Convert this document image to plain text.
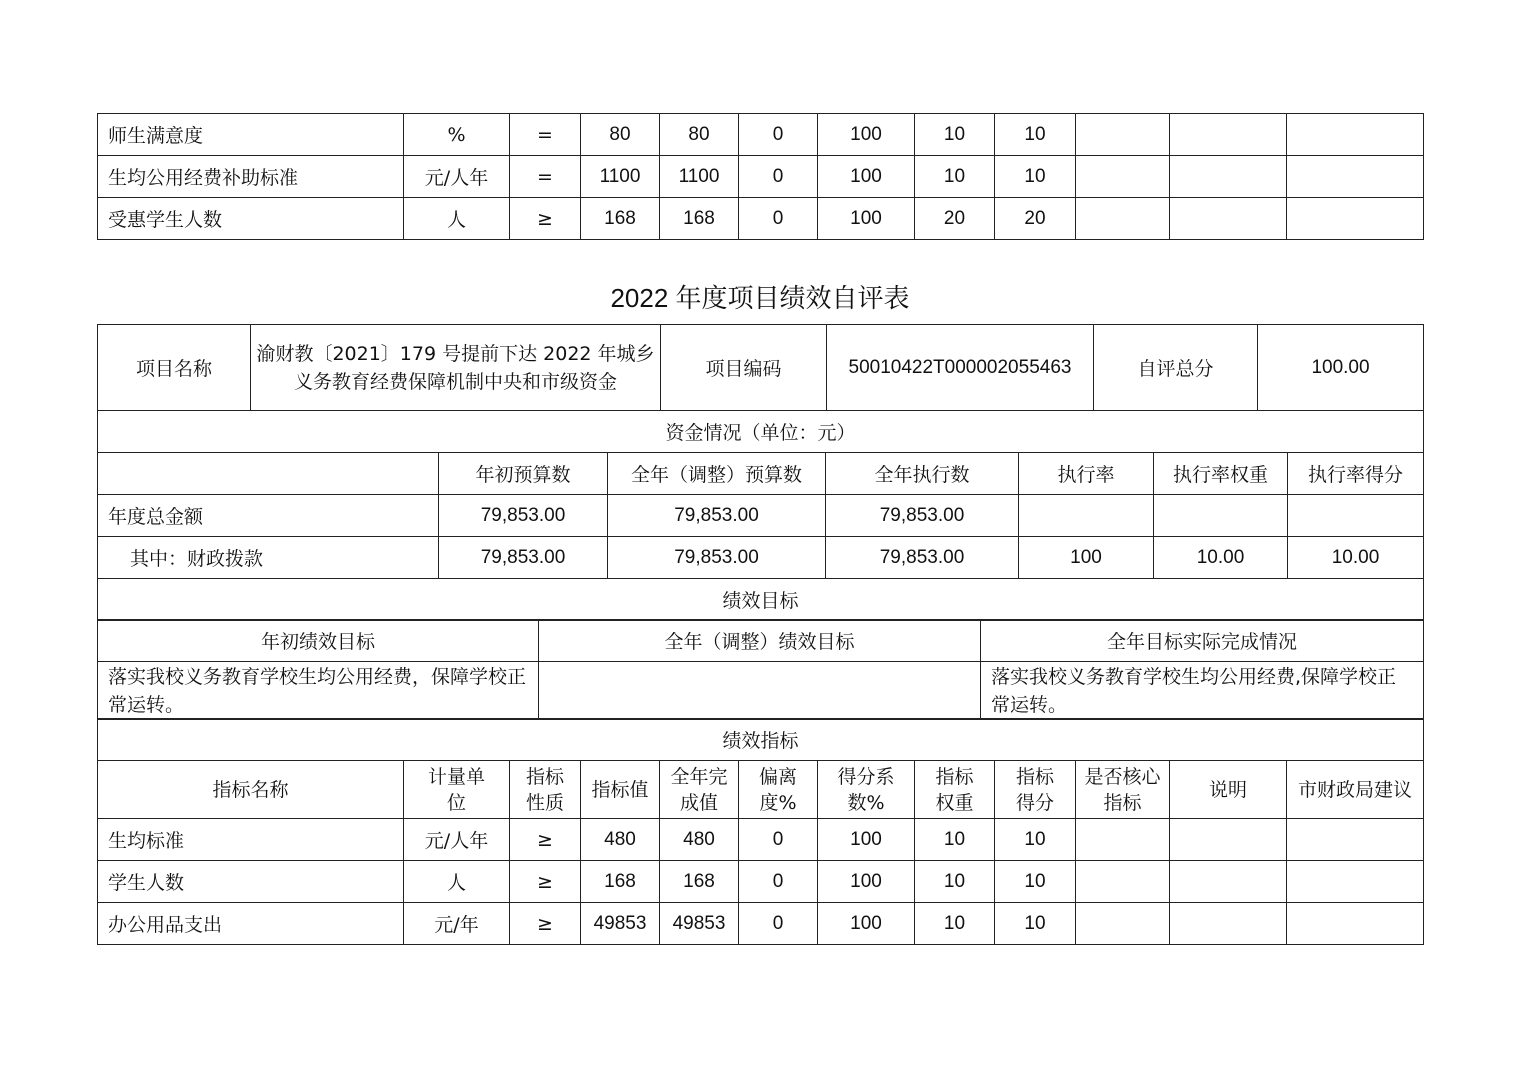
师生满意度	%	=	80	80	0	100	10	10			
生均公用经费补助标准	元/人年	=	1100	1100	0	100	10	10			
受惠学生人数	人	≥	168	168	0	100	20	20			
2022 年度项目绩效自评表
项目名称	渝财教〔2021〕179 号提前下达 2022 年城乡义务教育经费保障机制中央和市级资金	项目编码	50010422T000002055463	自评总分	100.00
资金情况（单位：元）						
	年初预算数	全年（调整）预算数	全年执行数	执行率	执行率权重	执行率得分
年度总金额	79,853.00	79,853.00	79,853.00			
其中：财政拨款	79,853.00	79,853.00	79,853.00	100	10.00	10.00
绩效目标						
年初绩效目标	全年（调整）绩效目标	全年目标实际完成情况
落实我校义务教育学校生均公用经费，保障学校正常运转。		落实我校义务教育学校生均公用经费,保障学校正常运转。
绩效指标											
指标名称	计量单位	指标性质	指标值	全年完成值	偏离度%	得分系数%	指标权重	指标得分	是否核心指标	说明	市财政局建议
生均标准	元/人年	≥	480	480	0	100	10	10			
学生人数	人	≥	168	168	0	100	10	10			
办公用品支出	元/年	≥	49853	49853	0	100	10	10			
